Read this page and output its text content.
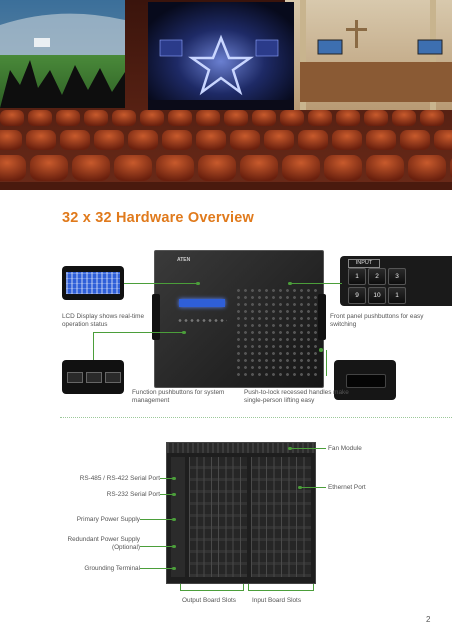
32 x 32 Hardware Overview
ATEN
LCD Display shows real-time operation status
INPUT
1	2	3
9	10	1
Front panel pushbuttons for easy switching
Function pushbuttons for system management
Push-to-lock recessed handles make single-person lifting easy
Fan Module
RS-485 / RS-422 Serial Port
RS-232 Serial Port
Ethernet Port
Primary Power Supply
Redundant Power Supply (Optional)
Grounding Terminal
Output Board Slots	Input Board Slots
2
